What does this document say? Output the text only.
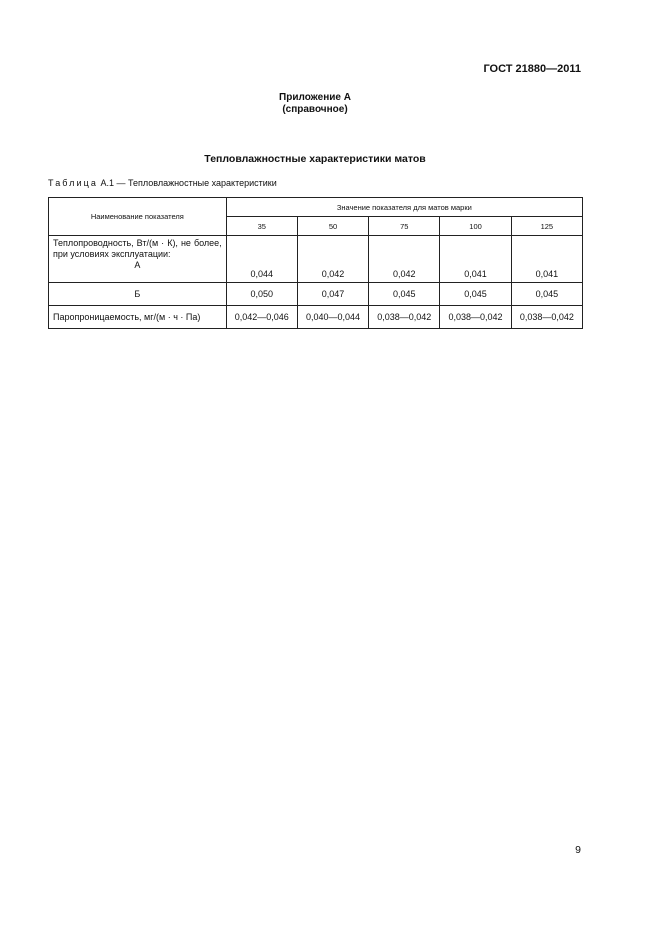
ГОСТ 21880—2011
Приложение А
(справочное)
Тепловлажностные характеристики матов
Таблица А.1 — Тепловлажностные характеристики
Наименование показателя	Значение показателя для матов марки				
	35	50	75	100	125
Теплопроводность, Вт/(м · К), не более, при условиях эксплуатации:
А	0,044	0,042	0,042	0,041	0,041
Б	0,050	0,047	0,045	0,045	0,045
Паропроницаемость, мг/(м · ч · Па)	0,042—0,046	0,040—0,044	0,038—0,042	0,038—0,042	0,038—0,042
9
